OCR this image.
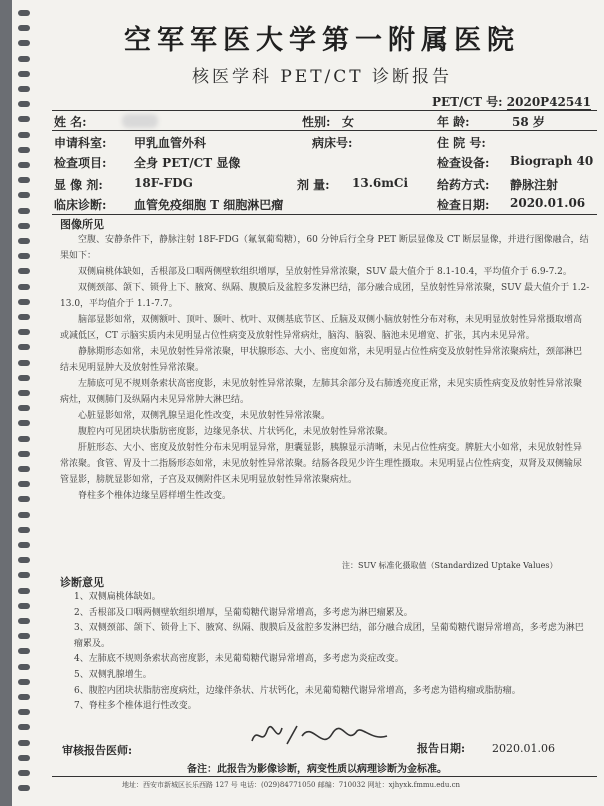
空军军医大学第一附属医院
核医学科 PET/CT 诊断报告
PET/CT 号: 2020P42541
姓 名:	性别: 女	年 龄:	58 岁
申请科室: 甲乳血管外科	病床号:	住 院 号:
检查项目: 全身 PET/CT 显像	检查设备: Biograph 40
显 像 剂:	18F-FDG	剂 量: 13.6mCi 给药方式: 静脉注射
临床诊断: 血管免疫细胞 T 细胞淋巴瘤	检查日期: 2020.01.06
图像所见

空腹、安静条件下，静脉注射 18F-FDG（氟氧葡萄糖），60 分钟后行全身 PET 断层显像及 CT 断层显像，并进行图像融合，结果如下：

双侧扁桃体缺如，舌根部及口咽两侧壁软组织增厚，呈放射性异常浓聚，SUV 最大值介于 8.1-10.4，平均值介于 6.9-7.2。

双侧颈部、颌下、锁骨上下、腋窝、纵隔、腹膜后及盆腔多发淋巴结，部分融合成团，呈放射性异常浓聚，SUV 最大值介于 1.2-13.0，平均值介于 1.1-7.7。

脑部显影如常，双侧额叶、顶叶、颞叶、枕叶、双侧基底节区、丘脑及双侧小脑放射性分布对称，未见明显放射性异常摄取增高或减低区，CT 示脑实质内未见明显占位性病变及放射性异常病灶，脑沟、脑裂、脑池未见增宽、扩张，其内未见异常。

静脉期形态如常，未见放射性异常浓聚，甲状腺形态、大小、密度如常，未见明显占位性病变及放射性异常浓聚病灶，颈部淋巴结未见明显肿大及放射性异常浓聚。

左肺底可见不规则条索状高密度影，未见放射性异常浓聚，左肺其余部分及右肺透亮度正常，未见实质性病变及放射性异常浓聚病灶，双侧肺门及纵隔内未见异常肿大淋巴结。

心脏显影如常，双侧乳腺呈退化性改变，未见放射性异常浓聚。

腹腔内可见团块状脂肪密度影，边缘见条状、片状钙化，未见放射性异常浓聚。

肝脏形态、大小、密度及放射性分布未见明显异常，胆囊显影，胰腺显示清晰，未见占位性病变。脾脏大小如常，未见放射性异常浓聚。食管、胃及十二指肠形态如常，未见放射性异常浓聚。结肠各段见少许生理性摄取。未见明显占位性病变，双肾及双侧输尿管显影，膀胱显影如常，子宫及双侧附件区未见明显放射性异常浓聚病灶。

脊柱多个椎体边缘呈唇样增生性改变。

注：SUV 标准化摄取值（Standardized Uptake Values）
诊断意见

1、双侧扁桃体缺如。

2、舌根部及口咽两侧壁软组织增厚，呈葡萄糖代谢异常增高，多考虑为淋巴瘤累及。

3、双侧颈部、颌下、锁骨上下、腋窝、纵隔、腹膜后及盆腔多发淋巴结，部分融合成团，呈葡萄糖代谢异常增高，多考虑为淋巴瘤累及。

4、左肺底不规则条索状高密度影，未见葡萄糖代谢异常增高，多考虑为炎症改变。

5、双侧乳腺增生。

6、腹腔内团块状脂肪密度病灶，边缘伴条状、片状钙化，未见葡萄糖代谢异常增高，多考虑为错构瘤或脂肪瘤。

7、脊柱多个椎体退行性改变。

审核报告医师:	报告日期: 2020.01.06
备注：此报告为影像诊断，病变性质以病理诊断为金标准。
地址：西安市新城区长乐西路 127 号 电话：(029)84771050 邮编：710032 网址：xjhyxk.fmmu.edu.cn
